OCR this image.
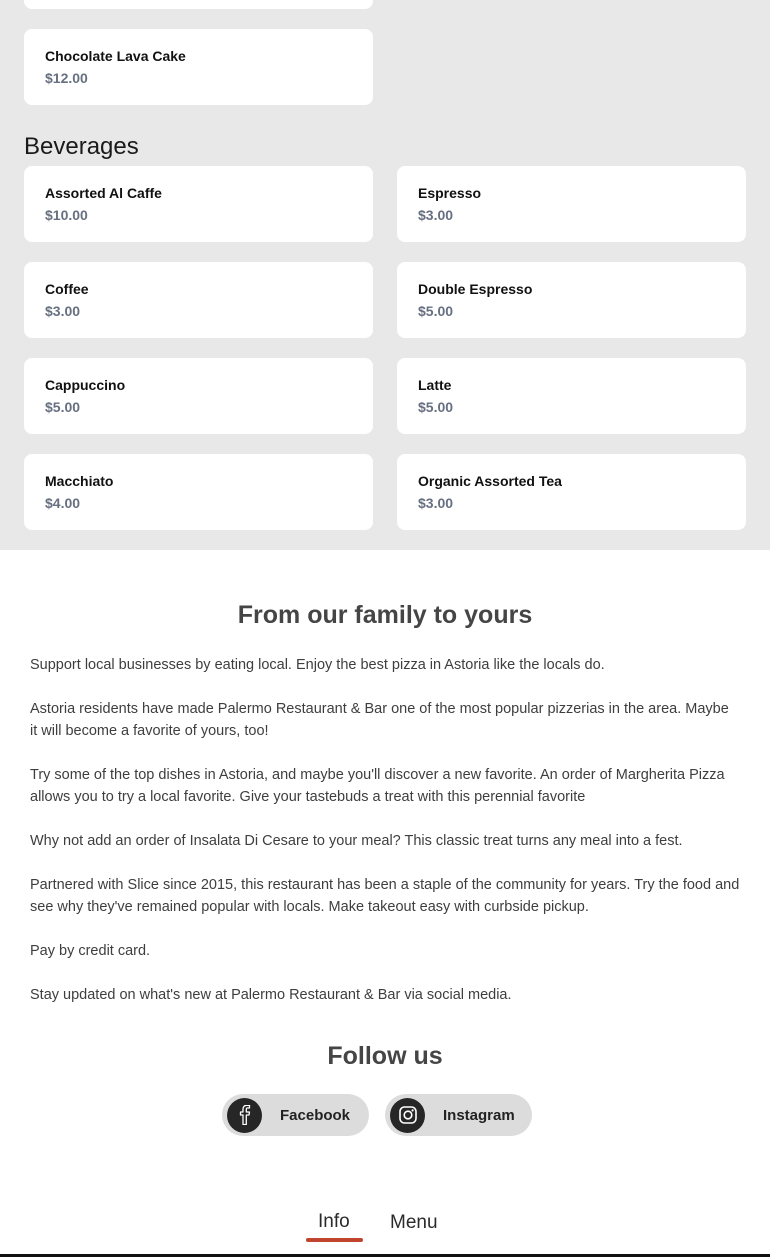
Chocolate Lava Cake
$12.00
Beverages
Assorted Al Caffe
$10.00
Espresso
$3.00
Coffee
$3.00
Double Espresso
$5.00
Cappuccino
$5.00
Latte
$5.00
Macchiato
$4.00
Organic Assorted Tea
$3.00
From our family to yours

Support local businesses by eating local. Enjoy the best pizza in Astoria like the locals do.

Astoria residents have made Palermo Restaurant & Bar one of the most popular pizzerias in the area. Maybe it will become a favorite of yours, too!

Try some of the top dishes in Astoria, and maybe you'll discover a new favorite. An order of Margherita Pizza allows you to try a local favorite. Give your tastebuds a treat with this perennial favorite

Why not add an order of Insalata Di Cesare to your meal? This classic treat turns any meal into a fest.

Partnered with Slice since 2015, this restaurant has been a staple of the community for years. Try the food and see why they've remained popular with locals. Make takeout easy with curbside pickup.

Pay by credit card.

Stay updated on what's new at Palermo Restaurant & Bar via social media.

Follow us
Facebook	Instagram
Info Menu
